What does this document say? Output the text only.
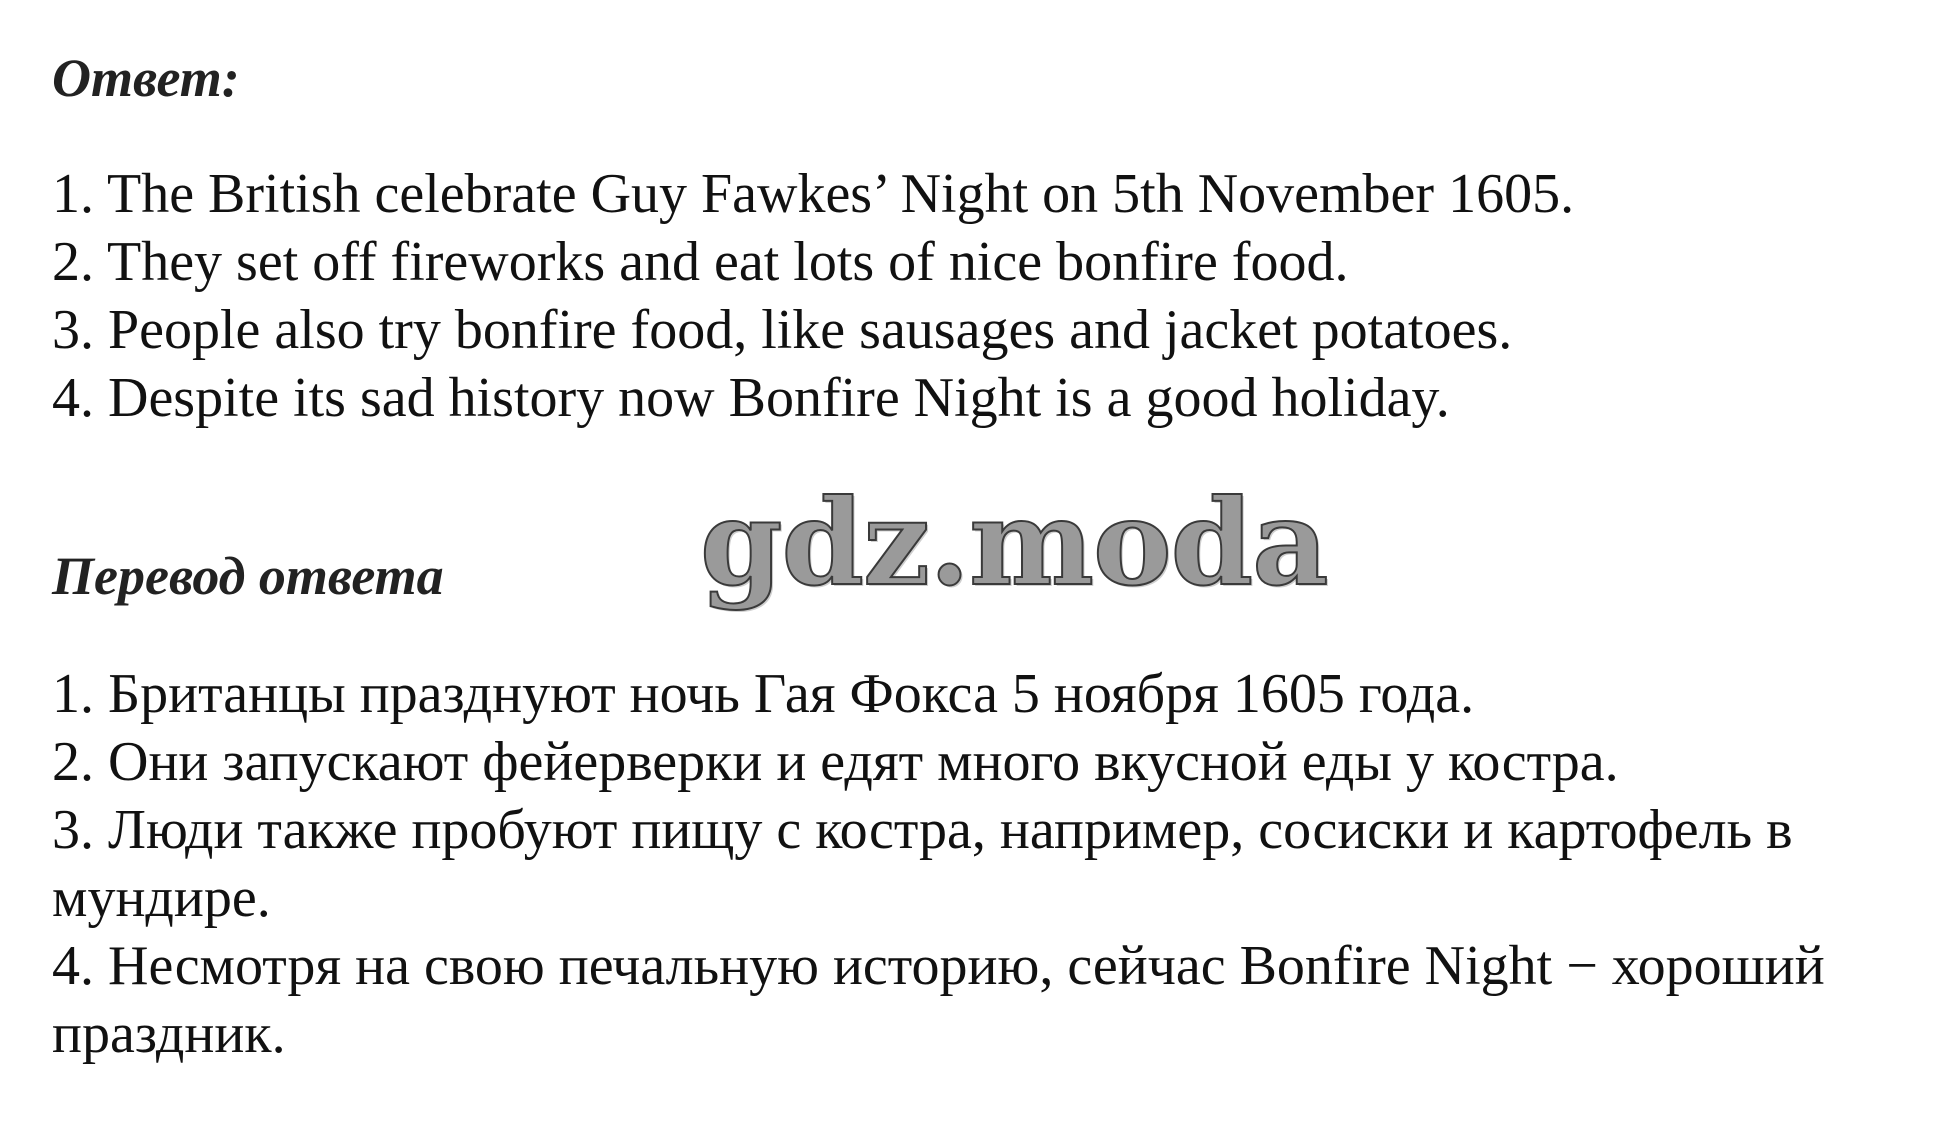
Ответ:
1. The British celebrate Guy Fawkes’ Night on 5th November 1605.
2. They set off fireworks and eat lots of nice bonfire food.
3. People also try bonfire food, like sausages and jacket potatoes.
4. Despite its sad history now Bonfire Night is a good holiday.
gdz.moda
Перевод ответа
1. Британцы празднуют ночь Гая Фокса 5 ноября 1605 года.
2. Они запускают фейерверки и едят много вкусной еды у костра.
3. Люди также пробуют пищу с костра, например, сосиски и картофель в мундире.
4. Несмотря на свою печальную историю, сейчас Bonfire Night − хороший праздник.
